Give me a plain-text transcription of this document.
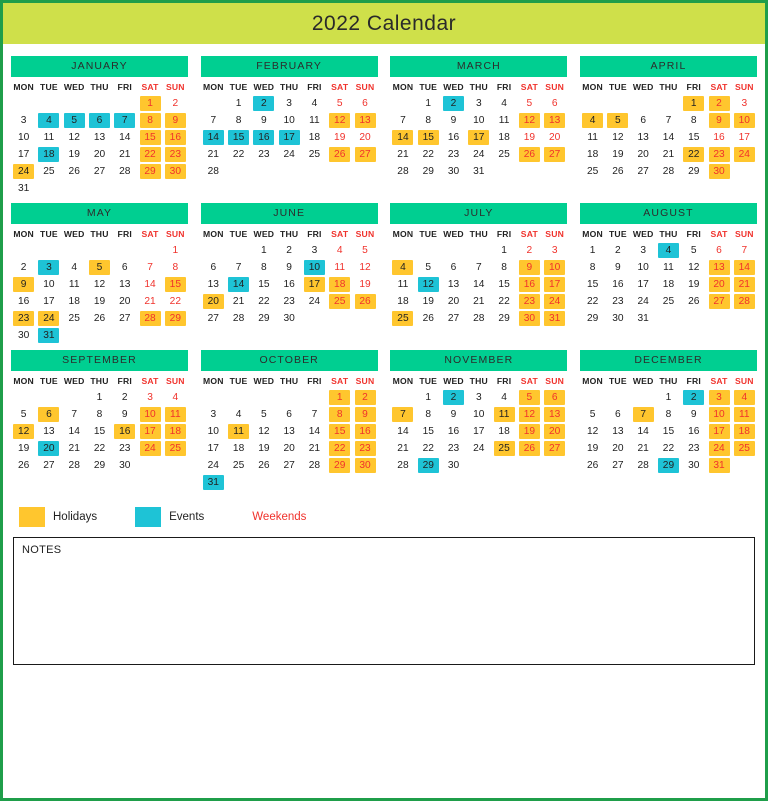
2022 Calendar
JANUARY
MON	TUE	WED	THU	FRI	SAT	SUN
					1	2
3	4	5	6	7	8	9
10	11	12	13	14	15	16
17	18	19	20	21	22	23
24	25	26	27	28	29	30
31						
FEBRUARY
MON	TUE	WED	THU	FRI	SAT	SUN
	1	2	3	4	5	6
7	8	9	10	11	12	13
14	15	16	17	18	19	20
21	22	23	24	25	26	27
28						
MARCH
MON	TUE	WED	THU	FRI	SAT	SUN
	1	2	3	4	5	6
7	8	9	10	11	12	13
14	15	16	17	18	19	20
21	22	23	24	25	26	27
28	29	30	31			
APRIL
MON	TUE	WED	THU	FRI	SAT	SUN
				1	2	3
4	5	6	7	8	9	10
11	12	13	14	15	16	17
18	19	20	21	22	23	24
25	26	27	28	29	30	
MAY
MON	TUE	WED	THU	FRI	SAT	SUN
						1
2	3	4	5	6	7	8
9	10	11	12	13	14	15
16	17	18	19	20	21	22
23	24	25	26	27	28	29
30	31					
JUNE
MON	TUE	WED	THU	FRI	SAT	SUN
		1	2	3	4	5
6	7	8	9	10	11	12
13	14	15	16	17	18	19
20	21	22	23	24	25	26
27	28	29	30			
JULY
MON	TUE	WED	THU	FRI	SAT	SUN
				1	2	3
4	5	6	7	8	9	10
11	12	13	14	15	16	17
18	19	20	21	22	23	24
25	26	27	28	29	30	31
AUGUST
MON	TUE	WED	THU	FRI	SAT	SUN
1	2	3	4	5	6	7
8	9	10	11	12	13	14
15	16	17	18	19	20	21
22	23	24	25	26	27	28
29	30	31				
SEPTEMBER
MON	TUE	WED	THU	FRI	SAT	SUN
			1	2	3	4
5	6	7	8	9	10	11
12	13	14	15	16	17	18
19	20	21	22	23	24	25
26	27	28	29	30		
OCTOBER
MON	TUE	WED	THU	FRI	SAT	SUN
					1	2
3	4	5	6	7	8	9
10	11	12	13	14	15	16
17	18	19	20	21	22	23
24	25	26	27	28	29	30
31						
NOVEMBER
MON	TUE	WED	THU	FRI	SAT	SUN
	1	2	3	4	5	6
7	8	9	10	11	12	13
14	15	16	17	18	19	20
21	22	23	24	25	26	27
28	29	30				
DECEMBER
MON	TUE	WED	THU	FRI	SAT	SUN
			1	2	3	4
5	6	7	8	9	10	11
12	13	14	15	16	17	18
19	20	21	22	23	24	25
26	27	28	29	30	31	
Holidays	Events	Weekends
NOTES
